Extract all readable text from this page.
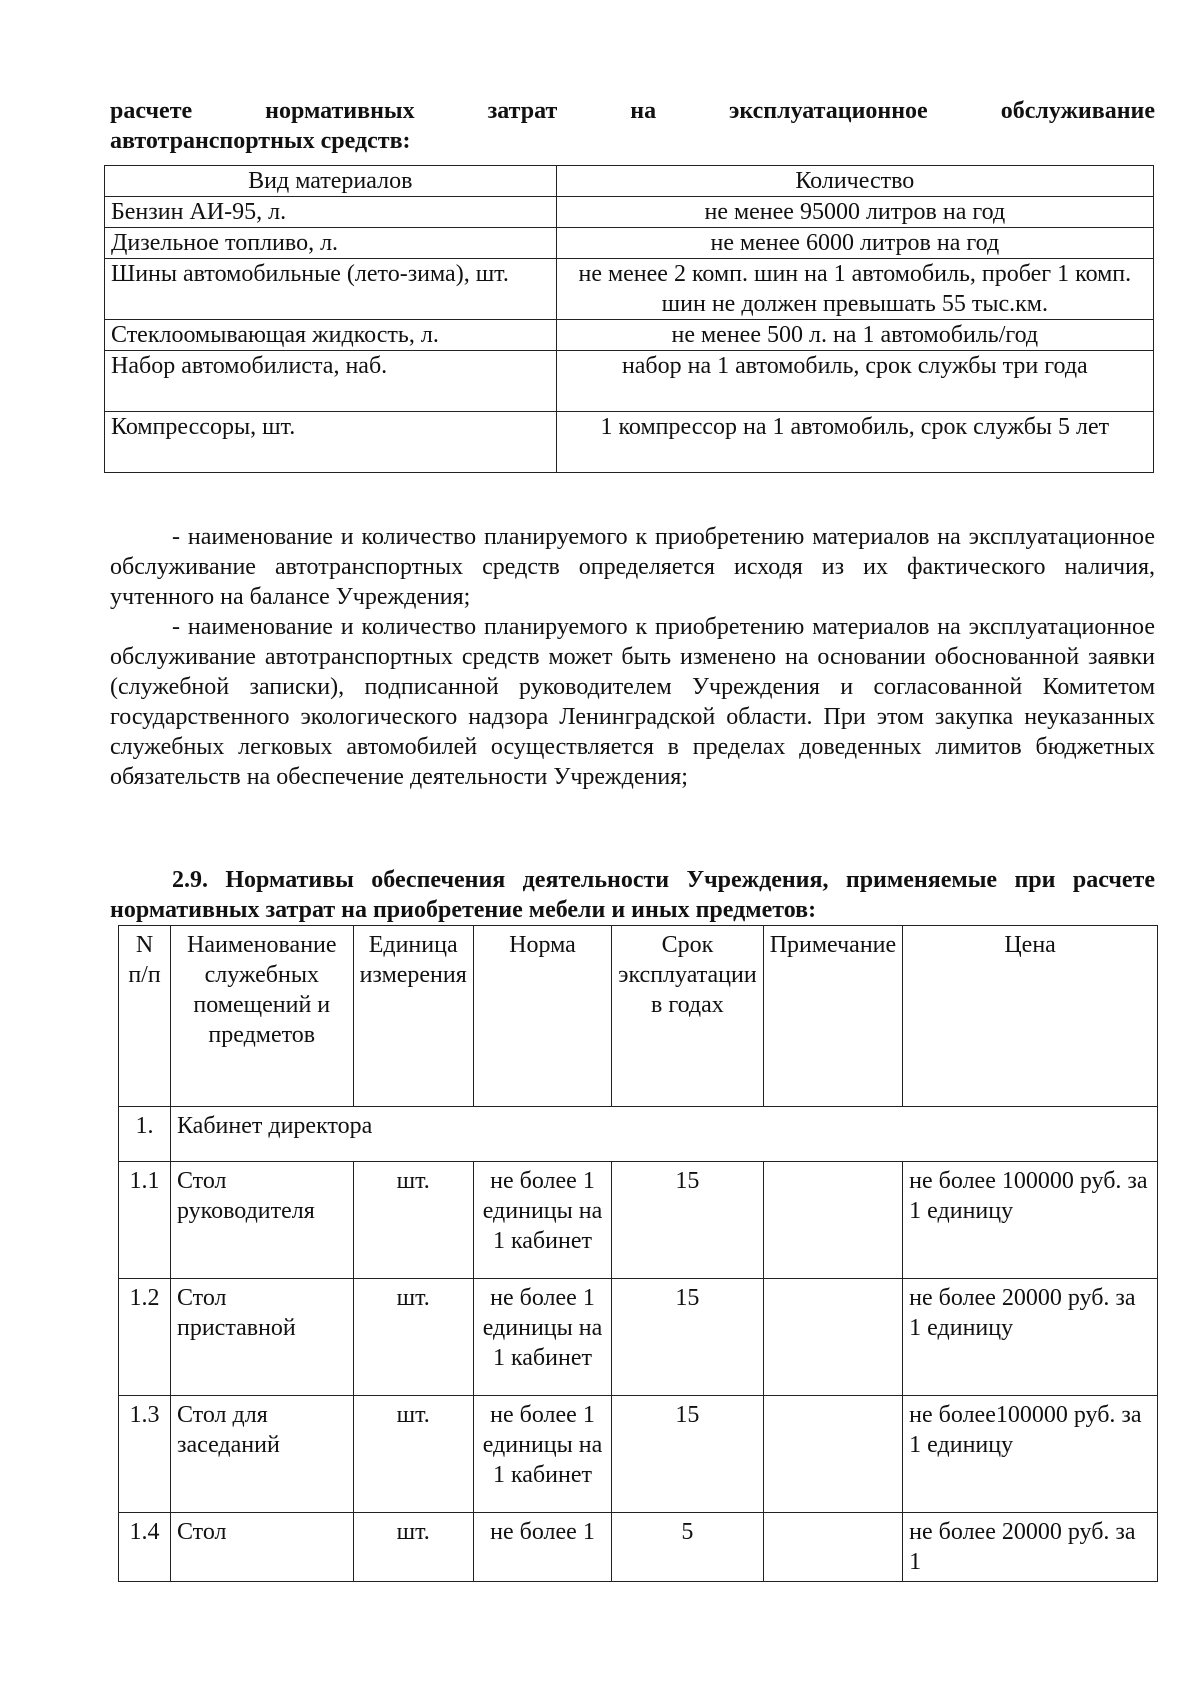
расчете нормативных затрат на эксплуатационное обслуживание
автотранспортных средств:
Вид материалов	Количество
Бензин АИ-95, л.	не менее 95000 литров на год
Дизельное топливо, л.	не менее 6000 литров на год
Шины автомобильные (лето-зима), шт.	не менее 2 комп. шин на 1 автомобиль, пробег 1 комп. шин не должен превышать 55 тыс.км.
Стеклоомывающая жидкость, л.	не менее 500 л. на 1 автомобиль/год
Набор автомобилиста, наб.	набор на 1 автомобиль, срок службы три года
Компрессоры, шт.	1 компрессор на 1 автомобиль, срок службы 5 лет
- наименование и количество планируемого к приобретению материалов на эксплуатационное обслуживание автотранспортных средств определяется исходя из их фактического наличия, учтенного на балансе Учреждения;
- наименование и количество планируемого к приобретению материалов на эксплуатационное обслуживание автотранспортных средств может быть изменено на основании обоснованной заявки (служебной записки), подписанной руководителем Учреждения и согласованной Комитетом государственного экологического надзора Ленинградской области. При этом закупка неуказанных служебных легковых автомобилей осуществляется в пределах доведенных лимитов бюджетных обязательств на обеспечение деятельности Учреждения;
2.9. Нормативы обеспечения деятельности Учреждения, применяемые при расчете нормативных затрат на приобретение мебели и иных предметов:
N п/п	Наименование служебных помещений и предметов	Единица измерения	Норма	Срок эксплуатации в годах	Примечание	Цена
1.	Кабинет директора					
1.1	Стол руководителя	шт.	не более 1 единицы на 1 кабинет	15		не более 100000 руб. за 1 единицу
1.2	Стол приставной	шт.	не более 1 единицы на 1 кабинет	15		не более 20000 руб. за 1 единицу
1.3	Стол для заседаний	шт.	не более 1 единицы на 1 кабинет	15		не более100000 руб. за 1 единицу
1.4	Стол	шт.	не более 1	5		не более 20000 руб. за 1
